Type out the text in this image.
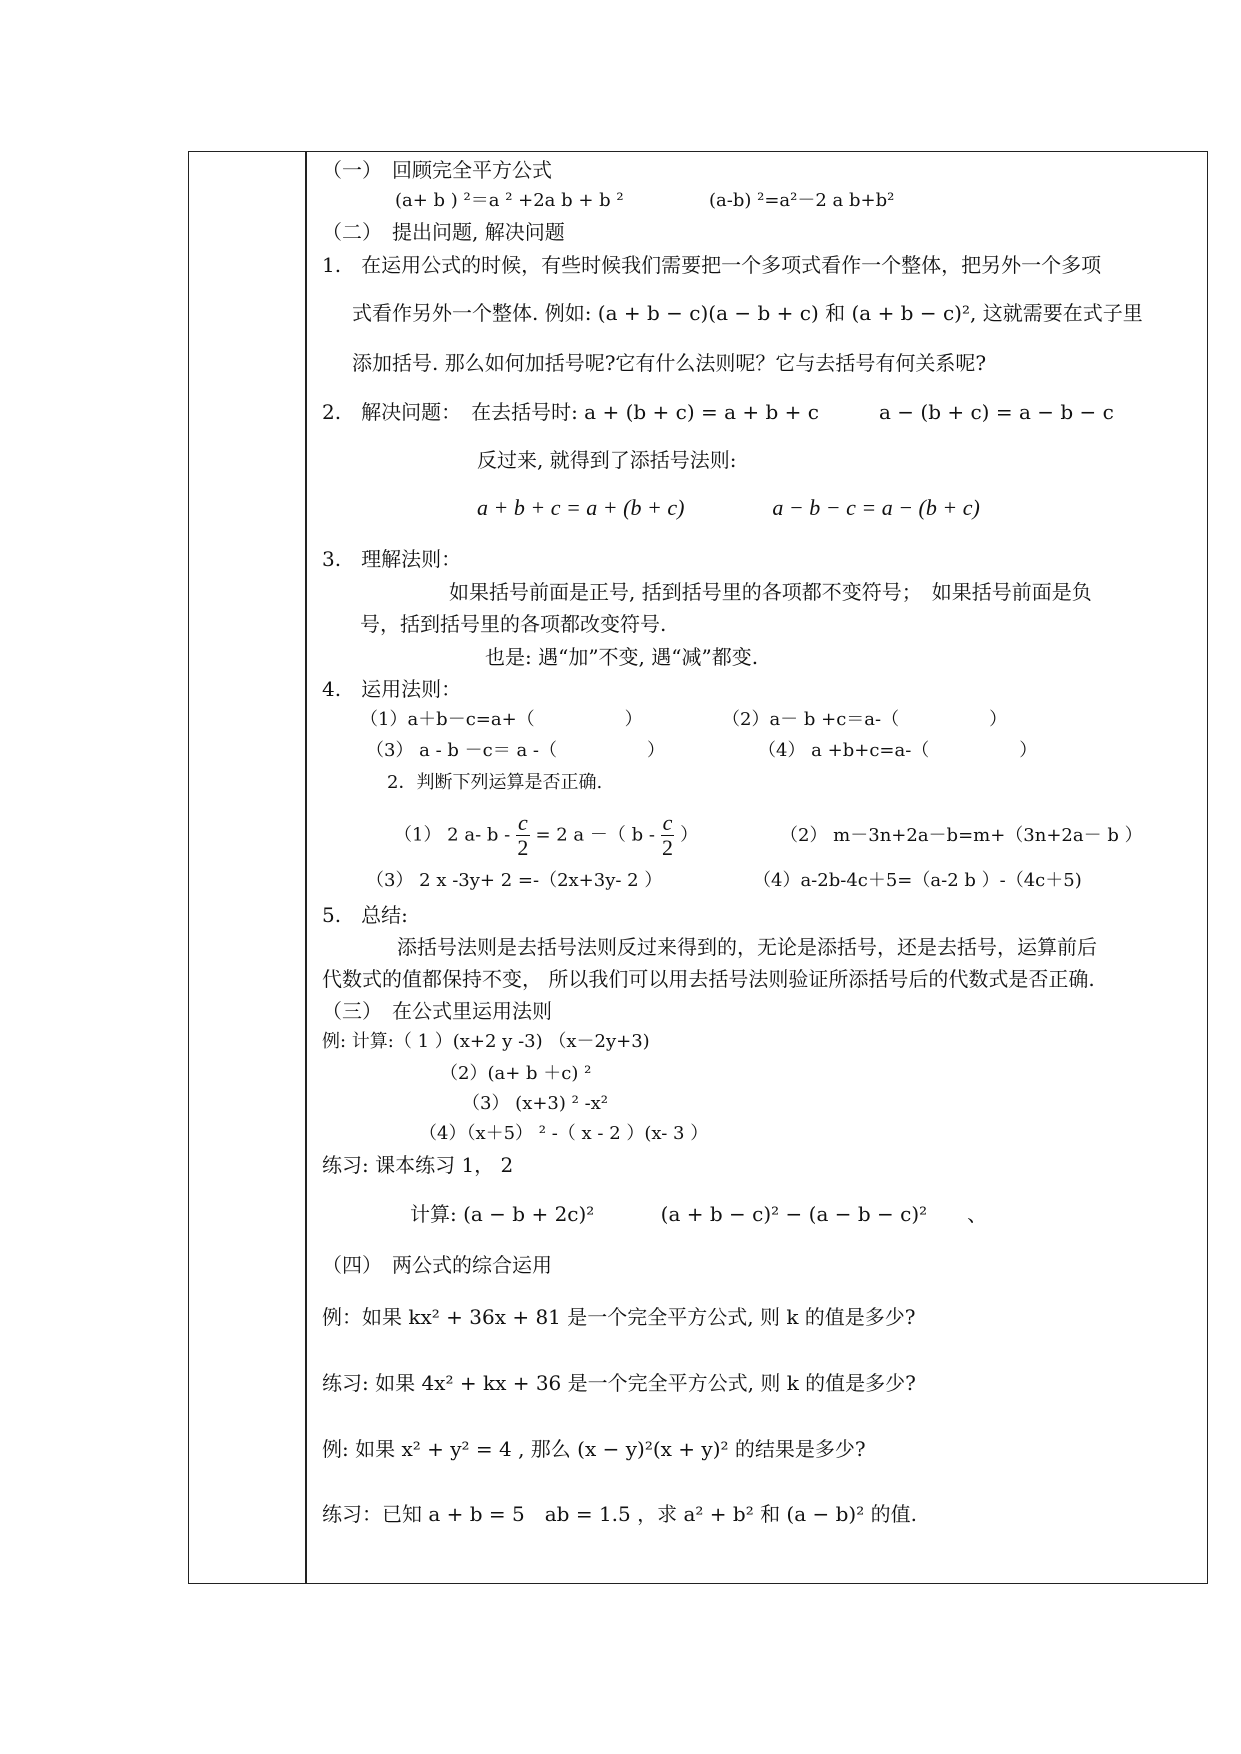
（一）　回顾完全平方公式
(a+ b ) ²＝a ² +2a b + b ²	(a-b) ²=a²－2 a b+b²
（二）　提出问题, 解决问题
1.　在运用公式的时候，有些时候我们需要把一个多项式看作一个整体，把另外一个多项
式看作另外一个整体. 例如: (a + b − c)(a − b + c) 和 (a + b − c)², 这就需要在式子里
添加括号. 那么如何加括号呢?它有什么法则呢？它与去括号有何关系呢?
2.　解决问题：　在去括号时: a + (b + c) = a + b + c　　　a − (b + c) = a − b − c
反过来, 就得到了添括号法则:
a + b + c = a + (b + c)　　　　a − b − c = a − (b + c)
3.　理解法则：
如果括号前面是正号, 括到括号里的各项都不变符号；　如果括号前面是负
号，括到括号里的各项都改变符号.
也是: 遇“加”不变, 遇“减”都变.
4.　运用法则：
（1）a＋b－c=a+（　　　　　）	（2）a－ b +c＝a-（　　　　　）
（3） a - b －c＝ a -（　　　　　）	（4） a +b+c=a-（　　　　　）
2．判断下列运算是否正确.
（1） 2 a- $b - \frac{c}{2} = 2$ a －（ b - $\frac{c}{2}$ ）	（2） m－3n+2a－b=m+（3n+2a－ b ）
（3） 2 x -3y+ 2 =-（2x+3y- 2 ）	（4）a-2b-4c＋5=（a-2 b ）-（4c＋5)
5.　总结:
添括号法则是去括号法则反过来得到的，无论是添括号，还是去括号，运算前后
代数式的值都保持不变， 所以我们可以用去括号法则验证所添括号后的代数式是否正确.
（三）　在公式里运用法则
例: 计算:（ 1 ）(x+2 y -3) （x－2y+3)
（2）(a+ b ＋c) ²
（3） (x+3) ² -x²
（4）（x＋5） ² -（ x - 2 ）(x- 3 ）
练习: 课本练习 1， 2
计算: (a − b + 2c)²　　　 (a + b − c)² − (a − b − c)²　　、
（四）　两公式的综合运用
例：如果 kx² + 36x + 81 是一个完全平方公式, 则 k 的值是多少?
练习: 如果 4x² + kx + 36 是一个完全平方公式, 则 k 的值是多少?
例: 如果 x² + y² = 4 , 那么 (x − y)²(x + y)² 的结果是多少?
练习：已知 a + b = 5　ab = 1.5 ，求 a² + b² 和 (a − b)² 的值.
